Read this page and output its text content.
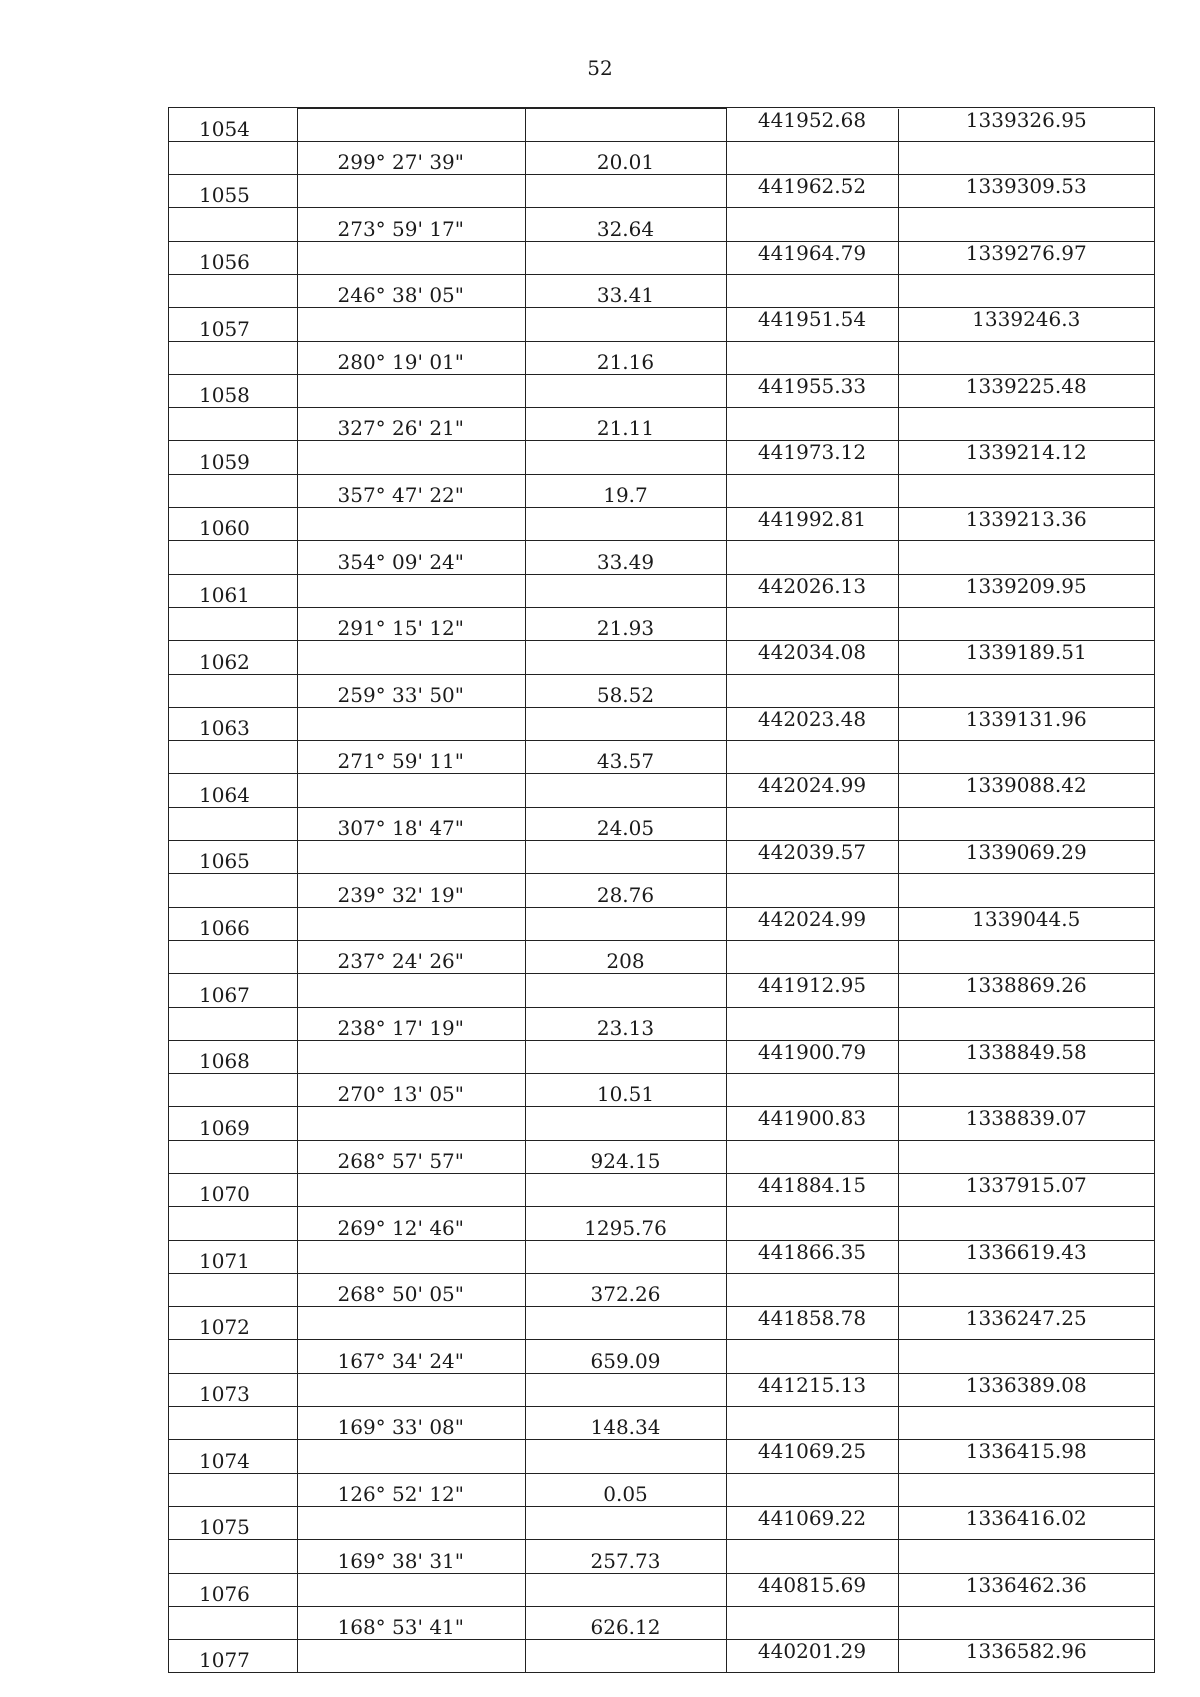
52
1054			441952.68	1339326.95
	299° 27' 39"	20.01		
1055			441962.52	1339309.53
	273° 59' 17"	32.64		
1056			441964.79	1339276.97
	246° 38' 05"	33.41		
1057			441951.54	1339246.3
	280° 19' 01"	21.16		
1058			441955.33	1339225.48
	327° 26' 21"	21.11		
1059			441973.12	1339214.12
	357° 47' 22"	19.7		
1060			441992.81	1339213.36
	354° 09' 24"	33.49		
1061			442026.13	1339209.95
	291° 15' 12"	21.93		
1062			442034.08	1339189.51
	259° 33' 50"	58.52		
1063			442023.48	1339131.96
	271° 59' 11"	43.57		
1064			442024.99	1339088.42
	307° 18' 47"	24.05		
1065			442039.57	1339069.29
	239° 32' 19"	28.76		
1066			442024.99	1339044.5
	237° 24' 26"	208		
1067			441912.95	1338869.26
	238° 17' 19"	23.13		
1068			441900.79	1338849.58
	270° 13' 05"	10.51		
1069			441900.83	1338839.07
	268° 57' 57"	924.15		
1070			441884.15	1337915.07
	269° 12' 46"	1295.76		
1071			441866.35	1336619.43
	268° 50' 05"	372.26		
1072			441858.78	1336247.25
	167° 34' 24"	659.09		
1073			441215.13	1336389.08
	169° 33' 08"	148.34		
1074			441069.25	1336415.98
	126° 52' 12"	0.05		
1075			441069.22	1336416.02
	169° 38' 31"	257.73		
1076			440815.69	1336462.36
	168° 53' 41"	626.12		
1077			440201.29	1336582.96
